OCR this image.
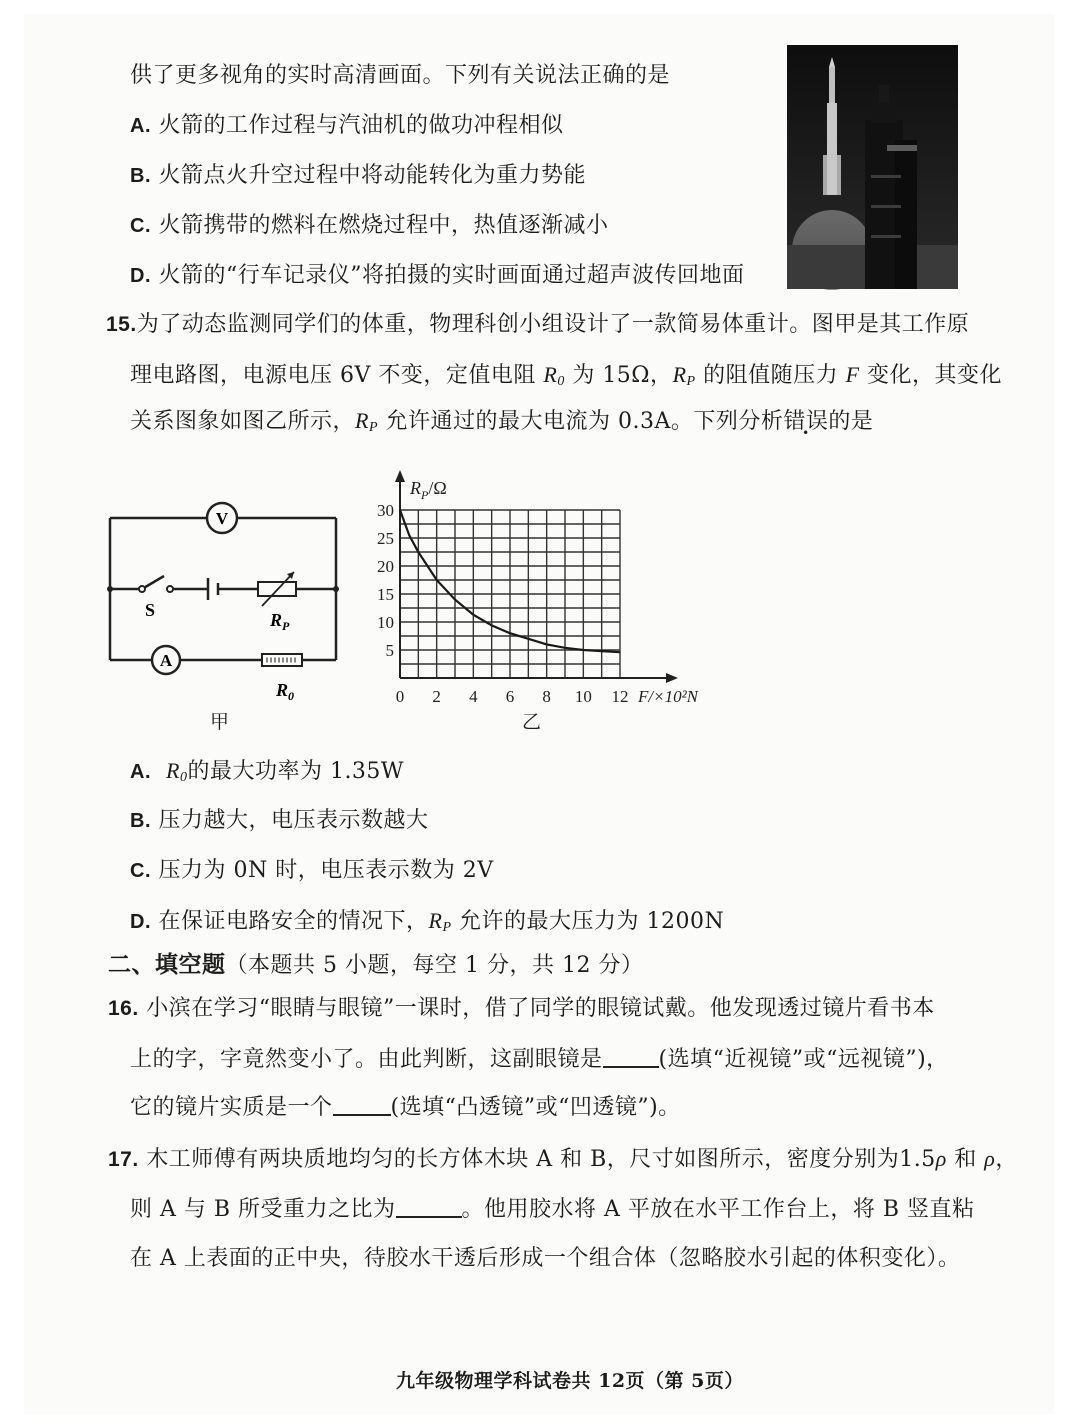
供了更多视角的实时高清画面。下列有关说法正确的是
A. 火箭的工作过程与汽油机的做功冲程相似
B. 火箭点火升空过程中将动能转化为重力势能
C. 火箭携带的燃料在燃烧过程中，热值逐渐减小
D. 火箭的“行车记录仪”将拍摄的实时画面通过超声波传回地面
15.为了动态监测同学们的体重，物理科创小组设计了一款简易体重计。图甲是其工作原
理电路图，电源电压 6V 不变，定值电阻 $R_0$ 为 15Ω，$R_P$ 的阻值随压力 F 变化，其变化
关系图象如图乙所示，$R_P$ 允许通过的最大电流为 0.3A。下列分析错误的是
V
A
S	$R_P$
$R_0$
甲
0 2 4 6 8 10 12
5
10
15
20
25
30
$R_P/\Omega$
F/×10²N
乙
A. $R_0$的最大功率为 1.35W
B. 压力越大，电压表示数越大
C. 压力为 0N 时，电压表示数为 2V
D. 在保证电路安全的情况下，$R_P$ 允许的最大压力为 1200N
二、填空题（本题共 5 小题，每空 1 分，共 12 分）
16. 小滨在学习“眼睛与眼镜”一课时，借了同学的眼镜试戴。他发现透过镜片看书本
上的字，字竟然变小了。由此判断，这副眼镜是	(选填“近视镜”或“远视镜”)，
它的镜片实质是一个	(选填“凸透镜”或“凹透镜”)。
17. 木工师傅有两块质地均匀的长方体木块 A 和 B，尺寸如图所示，密度分别为1.5ρ 和 ρ，
则 A 与 B 所受重力之比为	。他用胶水将 A 平放在水平工作台上，将 B 竖直粘
在 A 上表面的正中央，待胶水干透后形成一个组合体（忽略胶水引起的体积变化）。
九年级物理学科试卷共 12页（第 5页）
